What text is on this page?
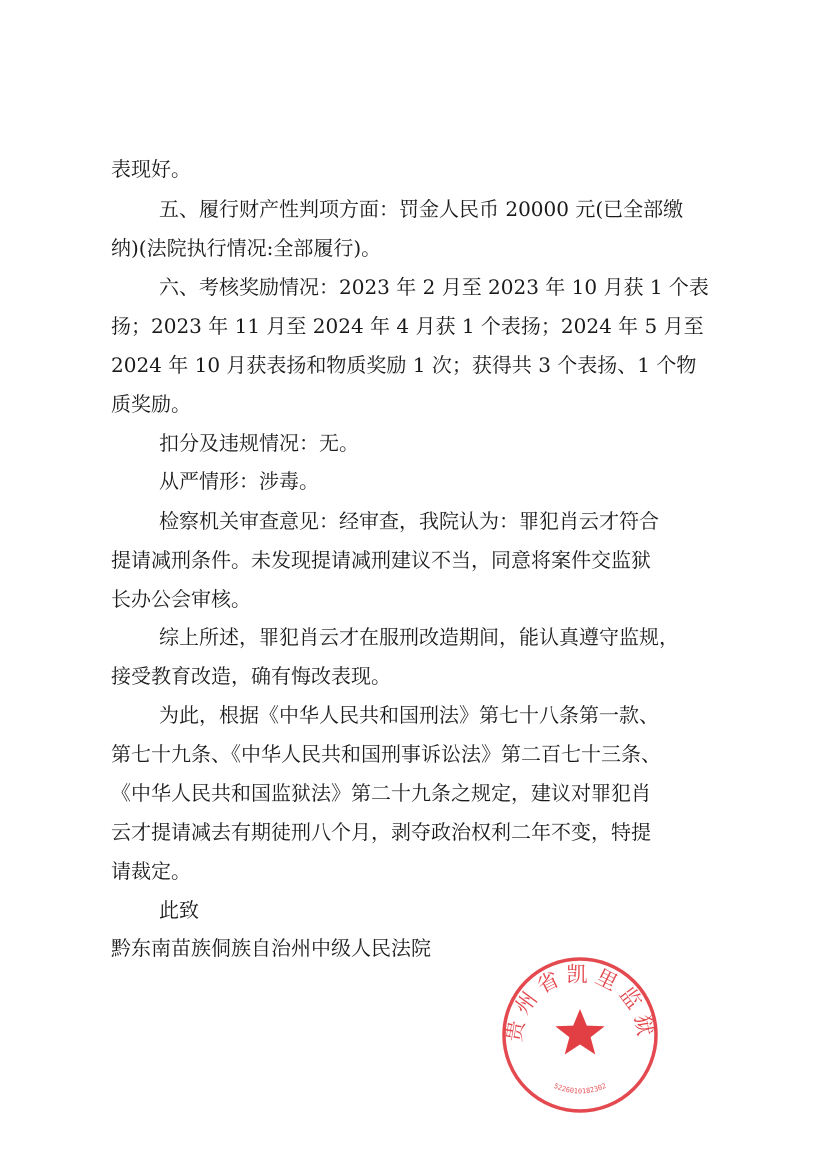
表现好。
五、履行财产性判项方面：罚金人民币 20000 元(已全部缴
纳)(法院执行情况:全部履行)。
六、考核奖励情况：2023 年 2 月至 2023 年 10 月获 1 个表
扬；2023 年 11 月至 2024 年 4 月获 1 个表扬；2024 年 5 月至
2024 年 10 月获表扬和物质奖励 1 次；获得共 3 个表扬、1 个物
质奖励。
扣分及违规情况：无。
从严情形：涉毒。
检察机关审查意见：经审查，我院认为：罪犯肖云才符合
提请减刑条件。未发现提请减刑建议不当，同意将案件交监狱
长办公会审核。
综上所述，罪犯肖云才在服刑改造期间，能认真遵守监规，
接受教育改造，确有悔改表现。
为此，根据《中华人民共和国刑法》第七十八条第一款、
第七十九条、《中华人民共和国刑事诉讼法》第二百七十三条、
《中华人民共和国监狱法》第二十九条之规定，建议对罪犯肖
云才提请减去有期徒刑八个月，剥夺政治权利二年不变，特提
请裁定。
此致
黔东南苗族侗族自治州中级人民法院
贵州省凯里监狱
5226010182302
